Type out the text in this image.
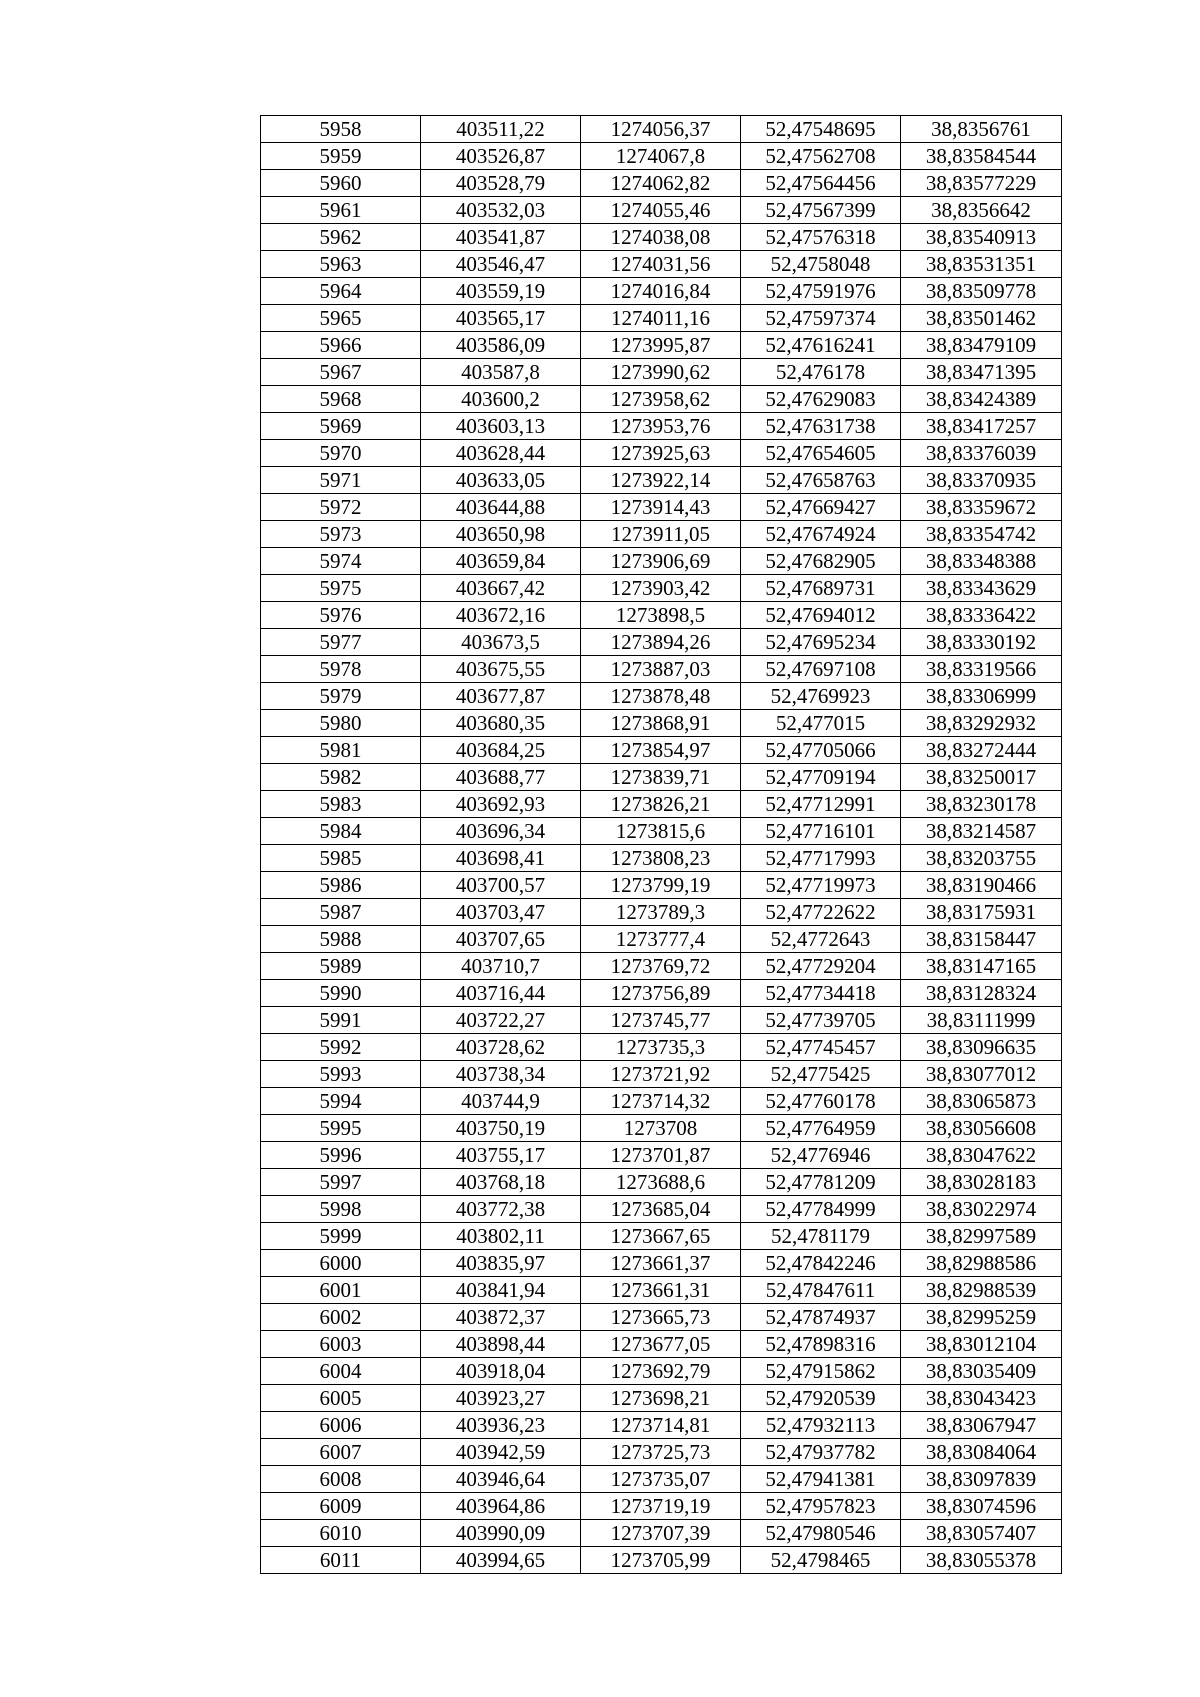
5958	403511,22	1274056,37	52,47548695	38,8356761
5959	403526,87	1274067,8	52,47562708	38,83584544
5960	403528,79	1274062,82	52,47564456	38,83577229
5961	403532,03	1274055,46	52,47567399	38,8356642
5962	403541,87	1274038,08	52,47576318	38,83540913
5963	403546,47	1274031,56	52,4758048	38,83531351
5964	403559,19	1274016,84	52,47591976	38,83509778
5965	403565,17	1274011,16	52,47597374	38,83501462
5966	403586,09	1273995,87	52,47616241	38,83479109
5967	403587,8	1273990,62	52,476178	38,83471395
5968	403600,2	1273958,62	52,47629083	38,83424389
5969	403603,13	1273953,76	52,47631738	38,83417257
5970	403628,44	1273925,63	52,47654605	38,83376039
5971	403633,05	1273922,14	52,47658763	38,83370935
5972	403644,88	1273914,43	52,47669427	38,83359672
5973	403650,98	1273911,05	52,47674924	38,83354742
5974	403659,84	1273906,69	52,47682905	38,83348388
5975	403667,42	1273903,42	52,47689731	38,83343629
5976	403672,16	1273898,5	52,47694012	38,83336422
5977	403673,5	1273894,26	52,47695234	38,83330192
5978	403675,55	1273887,03	52,47697108	38,83319566
5979	403677,87	1273878,48	52,4769923	38,83306999
5980	403680,35	1273868,91	52,477015	38,83292932
5981	403684,25	1273854,97	52,47705066	38,83272444
5982	403688,77	1273839,71	52,47709194	38,83250017
5983	403692,93	1273826,21	52,47712991	38,83230178
5984	403696,34	1273815,6	52,47716101	38,83214587
5985	403698,41	1273808,23	52,47717993	38,83203755
5986	403700,57	1273799,19	52,47719973	38,83190466
5987	403703,47	1273789,3	52,47722622	38,83175931
5988	403707,65	1273777,4	52,4772643	38,83158447
5989	403710,7	1273769,72	52,47729204	38,83147165
5990	403716,44	1273756,89	52,47734418	38,83128324
5991	403722,27	1273745,77	52,47739705	38,83111999
5992	403728,62	1273735,3	52,47745457	38,83096635
5993	403738,34	1273721,92	52,4775425	38,83077012
5994	403744,9	1273714,32	52,47760178	38,83065873
5995	403750,19	1273708	52,47764959	38,83056608
5996	403755,17	1273701,87	52,4776946	38,83047622
5997	403768,18	1273688,6	52,47781209	38,83028183
5998	403772,38	1273685,04	52,47784999	38,83022974
5999	403802,11	1273667,65	52,4781179	38,82997589
6000	403835,97	1273661,37	52,47842246	38,82988586
6001	403841,94	1273661,31	52,47847611	38,82988539
6002	403872,37	1273665,73	52,47874937	38,82995259
6003	403898,44	1273677,05	52,47898316	38,83012104
6004	403918,04	1273692,79	52,47915862	38,83035409
6005	403923,27	1273698,21	52,47920539	38,83043423
6006	403936,23	1273714,81	52,47932113	38,83067947
6007	403942,59	1273725,73	52,47937782	38,83084064
6008	403946,64	1273735,07	52,47941381	38,83097839
6009	403964,86	1273719,19	52,47957823	38,83074596
6010	403990,09	1273707,39	52,47980546	38,83057407
6011	403994,65	1273705,99	52,4798465	38,83055378
